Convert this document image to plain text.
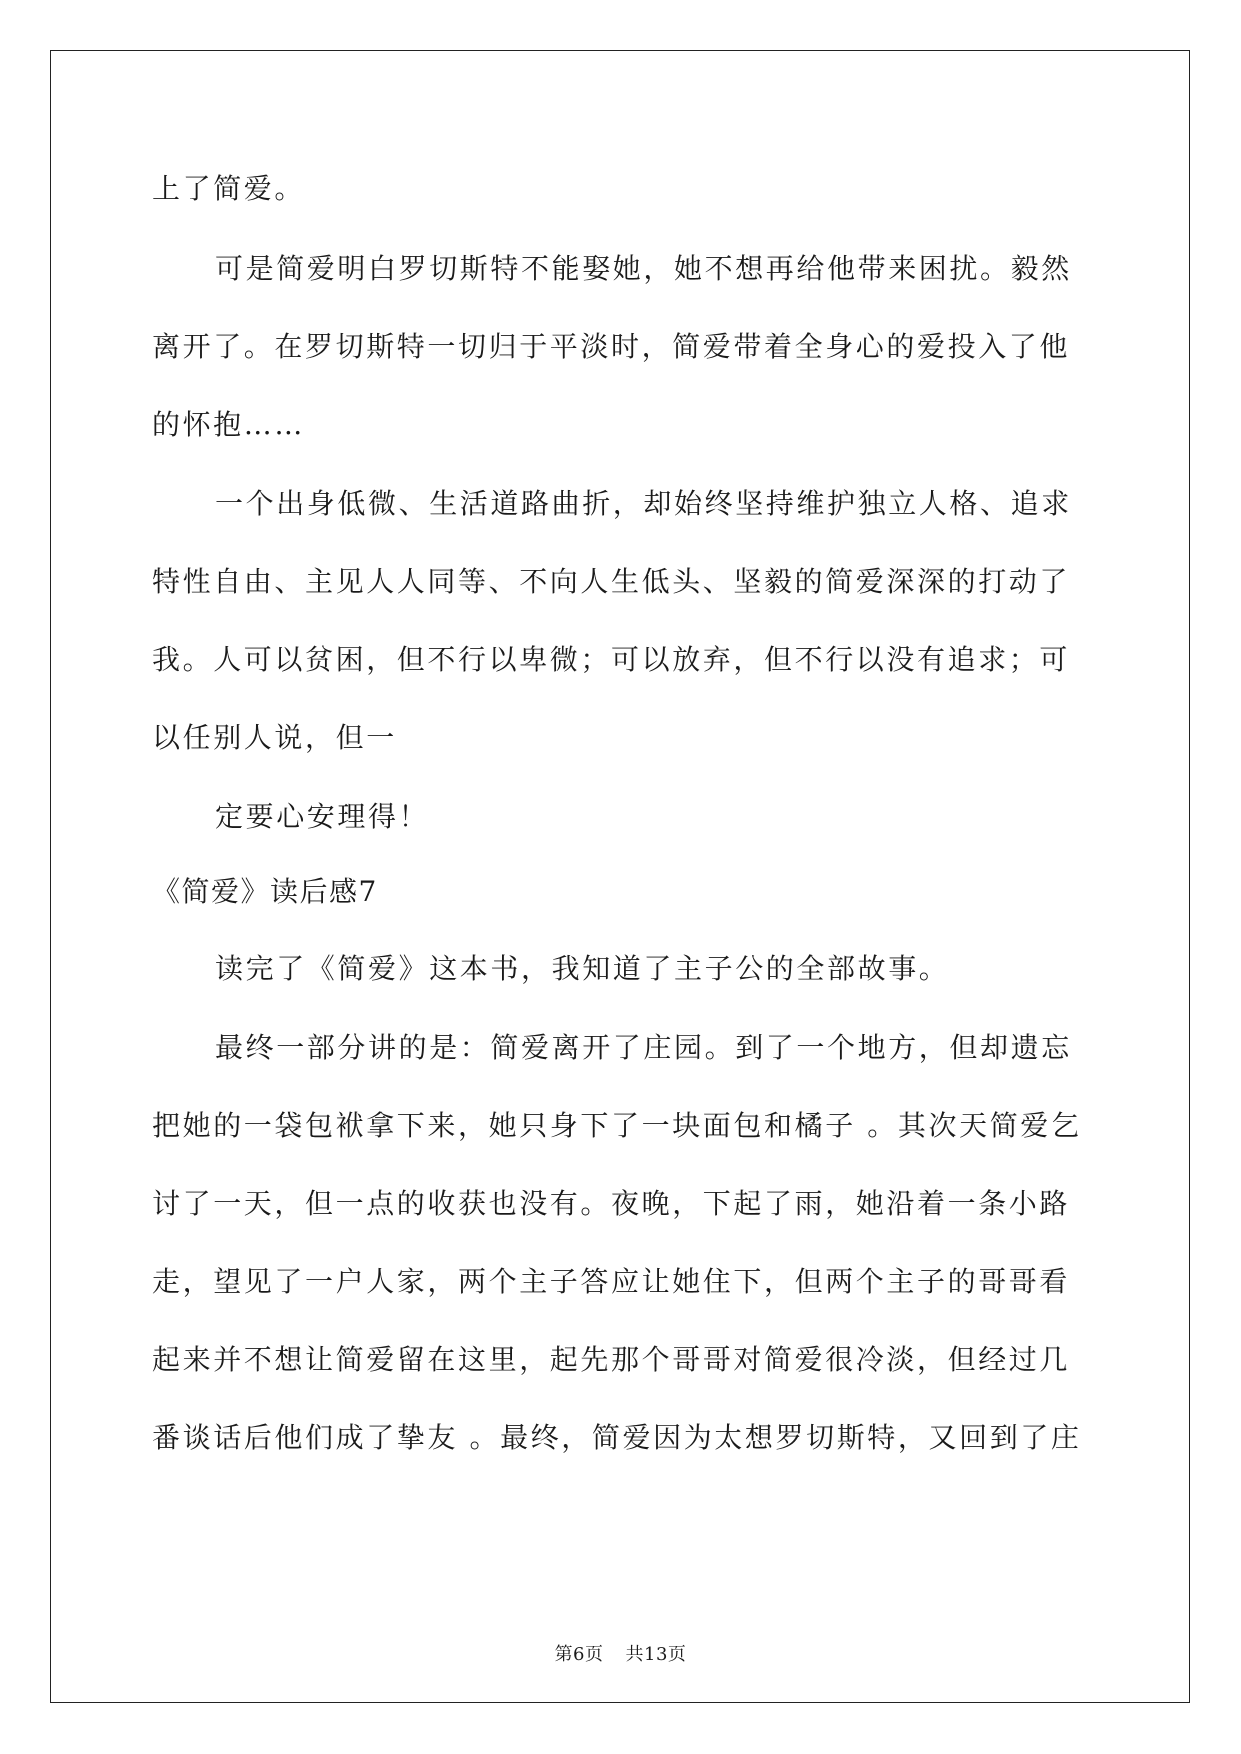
上了简爱。
可是简爱明白罗切斯特不能娶她，她不想再给他带来困扰。毅然
离开了。在罗切斯特一切归于平淡时，简爱带着全身心的爱投入了他
的怀抱……
一个出身低微、生活道路曲折，却始终坚持维护独立人格、追求
特性自由、主见人人同等、不向人生低头、坚毅的简爱深深的打动了
我。人可以贫困，但不行以卑微；可以放弃，但不行以没有追求；可
以任别人说，但一
定要心安理得！
《简爱》读后感7
读完了《简爱》这本书，我知道了主子公的全部故事。
最终一部分讲的是：简爱离开了庄园。到了一个地方，但却遗忘
把她的一袋包袱拿下来，她只身下了一块面包和橘子 。其次天简爱乞
讨了一天，但一点的收获也没有。夜晚，下起了雨，她沿着一条小路
走，望见了一户人家，两个主子答应让她住下，但两个主子的哥哥看
起来并不想让简爱留在这里，起先那个哥哥对简爱很冷淡，但经过几
番谈话后他们成了挚友 。最终，简爱因为太想罗切斯特，又回到了庄
第6页 共13页
